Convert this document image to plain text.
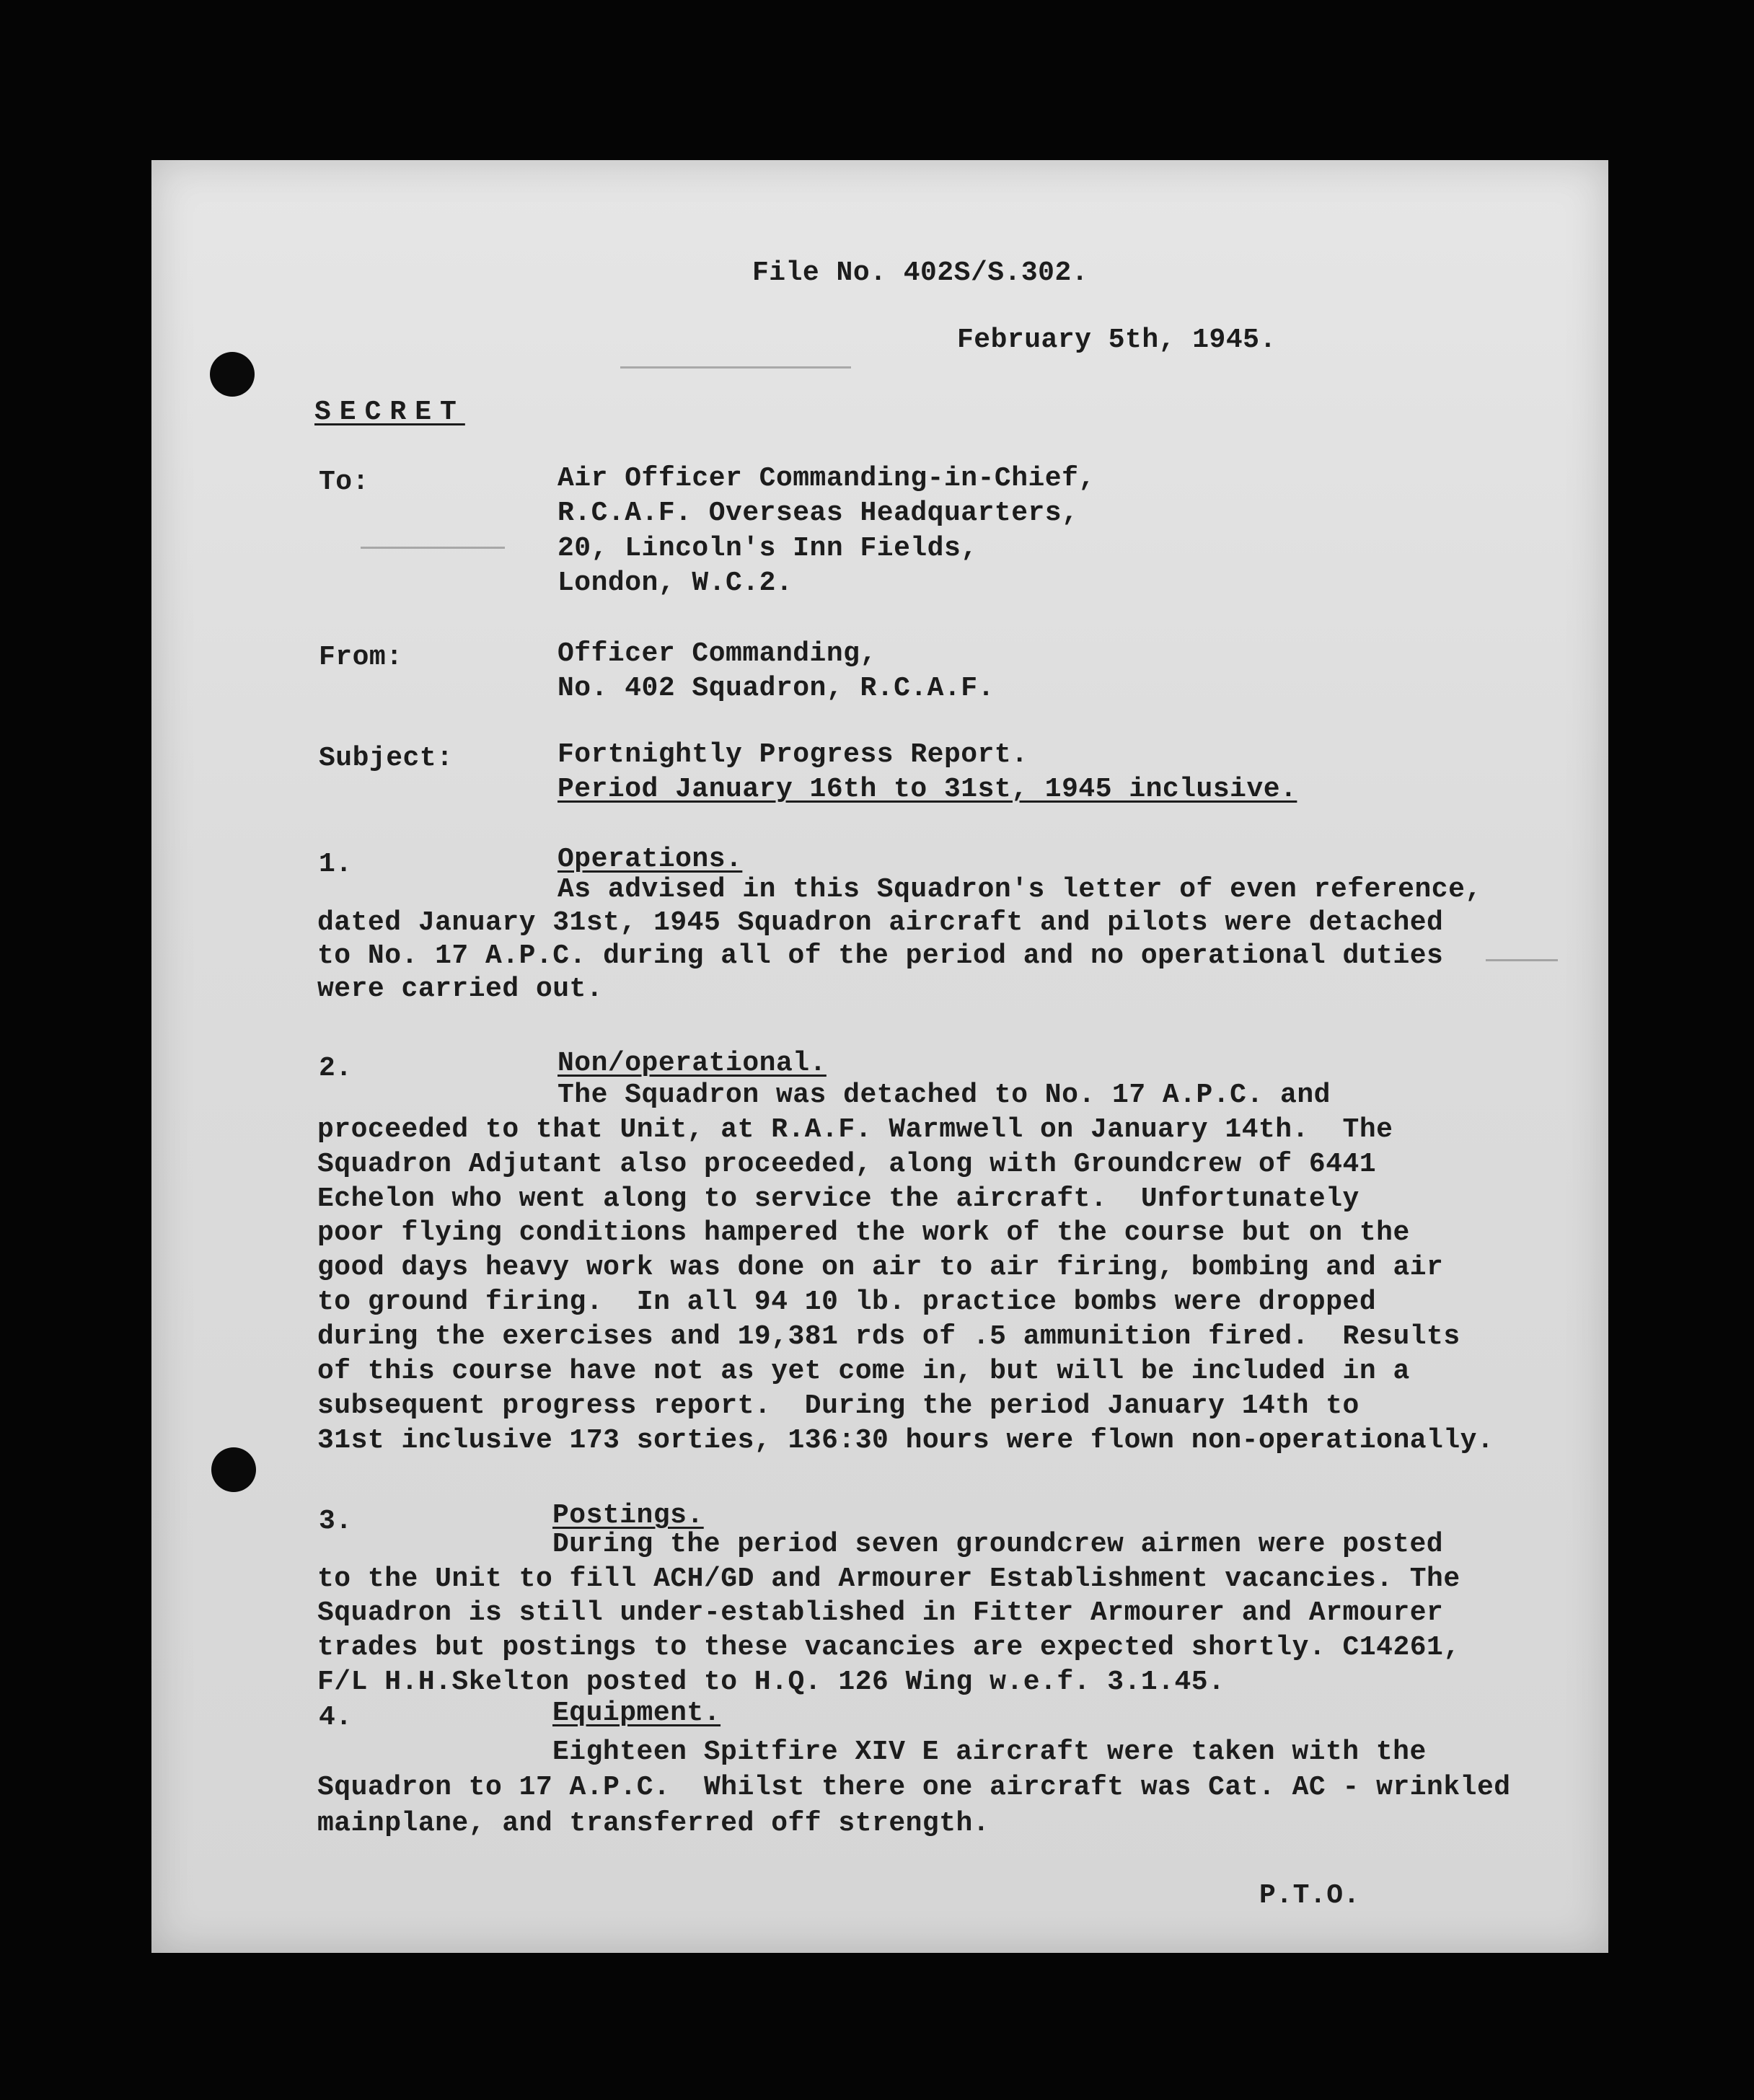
File No. 402S/S.302.
February 5th, 1945.
SECRET
To:	Air Officer Commanding-in-Chief,
R.C.A.F. Overseas Headquarters,
20, Lincoln's Inn Fields,
London, W.C.2.
From:	Officer Commanding,
No. 402 Squadron, R.C.A.F.
Subject:	Fortnightly Progress Report.
Period January 16th to 31st, 1945 inclusive.
1.	Operations.
As advised in this Squadron's letter of even reference,
dated January 31st, 1945 Squadron aircraft and pilots were detached
to No. 17 A.P.C. during all of the period and no operational duties
were carried out.
2.	Non/operational.
The Squadron was detached to No. 17 A.P.C. and
proceeded to that Unit, at R.A.F. Warmwell on January 14th.  The
Squadron Adjutant also proceeded, along with Groundcrew of 6441
Echelon who went along to service the aircraft.  Unfortunately
poor flying conditions hampered the work of the course but on the
good days heavy work was done on air to air firing, bombing and air
to ground firing.  In all 94 10 lb. practice bombs were dropped
during the exercises and 19,381 rds of .5 ammunition fired.  Results
of this course have not as yet come in, but will be included in a
subsequent progress report.  During the period January 14th to
31st inclusive 173 sorties, 136:30 hours were flown non-operationally.
3.	Postings.
During the period seven groundcrew airmen were posted
to the Unit to fill ACH/GD and Armourer Establishment vacancies. The
Squadron is still under-established in Fitter Armourer and Armourer
trades but postings to these vacancies are expected shortly. C14261,
F/L H.H.Skelton posted to H.Q. 126 Wing w.e.f. 3.1.45.
4.	Equipment.
Eighteen Spitfire XIV E aircraft were taken with the
Squadron to 17 A.P.C.  Whilst there one aircraft was Cat. AC - wrinkled
mainplane, and transferred off strength.
P.T.O.
